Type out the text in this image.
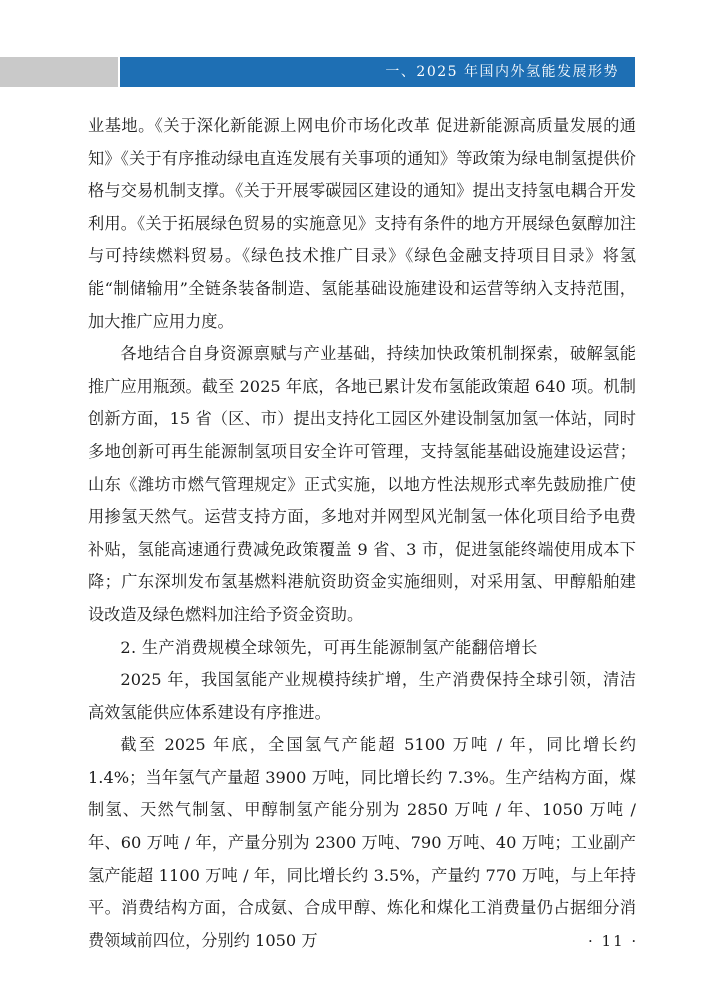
一、2025 年国内外氢能发展形势

业基地。《关于深化新能源上网电价市场化改革 促进新能源高质量发展的通知》《关于有序推动绿电直连发展有关事项的通知》等政策为绿电制氢提供价格与交易机制支撑。《关于开展零碳园区建设的通知》提出支持氢电耦合开发利用。《关于拓展绿色贸易的实施意见》支持有条件的地方开展绿色氨醇加注与可持续燃料贸易。《绿色技术推广目录》《绿色金融支持项目目录》将氢能“制储输用”全链条装备制造、氢能基础设施建设和运营等纳入支持范围，加大推广应用力度。

各地结合自身资源禀赋与产业基础，持续加快政策机制探索，破解氢能推广应用瓶颈。截至 2025 年底，各地已累计发布氢能政策超 640 项。机制创新方面，15 省（区、市）提出支持化工园区外建设制氢加氢一体站，同时多地创新可再生能源制氢项目安全许可管理，支持氢能基础设施建设运营；山东《潍坊市燃气管理规定》正式实施，以地方性法规形式率先鼓励推广使用掺氢天然气。运营支持方面，多地对并网型风光制氢一体化项目给予电费补贴，氢能高速通行费减免政策覆盖 9 省、3 市，促进氢能终端使用成本下降；广东深圳发布氢基燃料港航资助资金实施细则，对采用氢、甲醇船舶建设改造及绿色燃料加注给予资金资助。

2. 生产消费规模全球领先，可再生能源制氢产能翻倍增长

2025 年，我国氢能产业规模持续扩增，生产消费保持全球引领，清洁高效氢能供应体系建设有序推进。

截至 2025 年底，全国氢气产能超 5100 万吨 / 年，同比增长约 1.4%；当年氢气产量超 3900 万吨，同比增长约 7.3%。生产结构方面，煤制氢、天然气制氢、甲醇制氢产能分别为 2850 万吨 / 年、1050 万吨 / 年、60 万吨 / 年，产量分别为 2300 万吨、790 万吨、40 万吨；工业副产氢产能超 1100 万吨 / 年，同比增长约 3.5%，产量约 770 万吨，与上年持平。消费结构方面，合成氨、合成甲醇、炼化和煤化工消费量仍占据细分消费领域前四位，分别约 1050 万	· 11 ·
